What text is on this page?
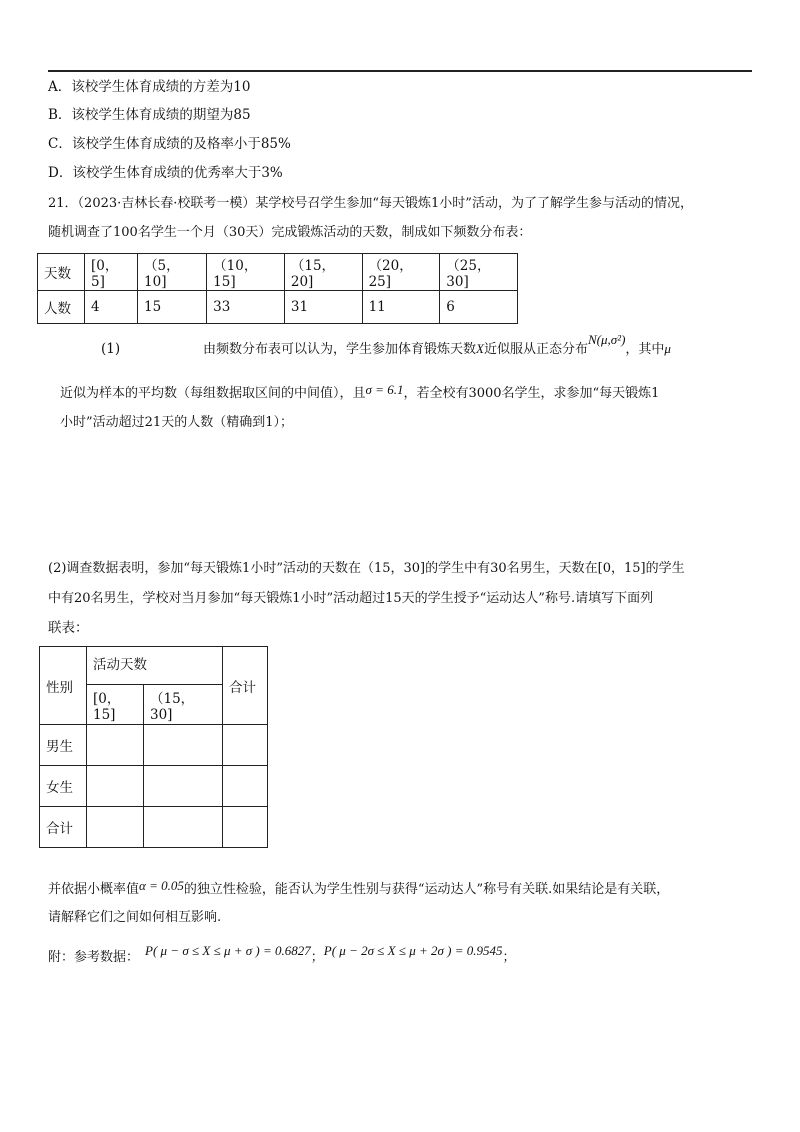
A．该校学生体育成绩的方差为10
B．该校学生体育成绩的期望为85
C．该校学生体育成绩的及格率小于85%
D．该校学生体育成绩的优秀率大于3%
21．（2023·吉林长春·校联考一模）某学校号召学生参加“每天锻炼1小时”活动，为了了解学生参与活动的情况，
随机调查了100名学生一个月（30天）完成锻炼活动的天数，制成如下频数分布表：
天数	[0，5]	（5，10]	（10，15]	（15，20]	（20，25]	（25，30]
人数	4	15	33	31	11	6
(1)	由频数分布表可以认为，学生参加体育锻炼天数X近似服从正态分布N(μ,σ²)，其中μ
近似为样本的平均数（每组数据取区间的中间值），且σ = 6.1，若全校有3000名学生，求参加“每天锻炼1
小时”活动超过21天的人数（精确到1）；
(2)调查数据表明，参加“每天锻炼1小时”活动的天数在（15，30]的学生中有30名男生，天数在[0，15]的学生
中有20名男生，学校对当月参加“每天锻炼1小时”活动超过15天的学生授予“运动达人”称号.请填写下面列
联表：
性别	活动天数		合计
	[0，15]	（15，30]	
男生			
女生			
合计			
并依据小概率值α = 0.05的独立性检验，能否认为学生性别与获得“运动达人”称号有关联.如果结论是有关联，
请解释它们之间如何相互影响.
附：参考数据： P( μ − σ ≤ X ≤ μ + σ ) = 0.6827；P( μ − 2σ ≤ X ≤ μ + 2σ ) = 0.9545；
